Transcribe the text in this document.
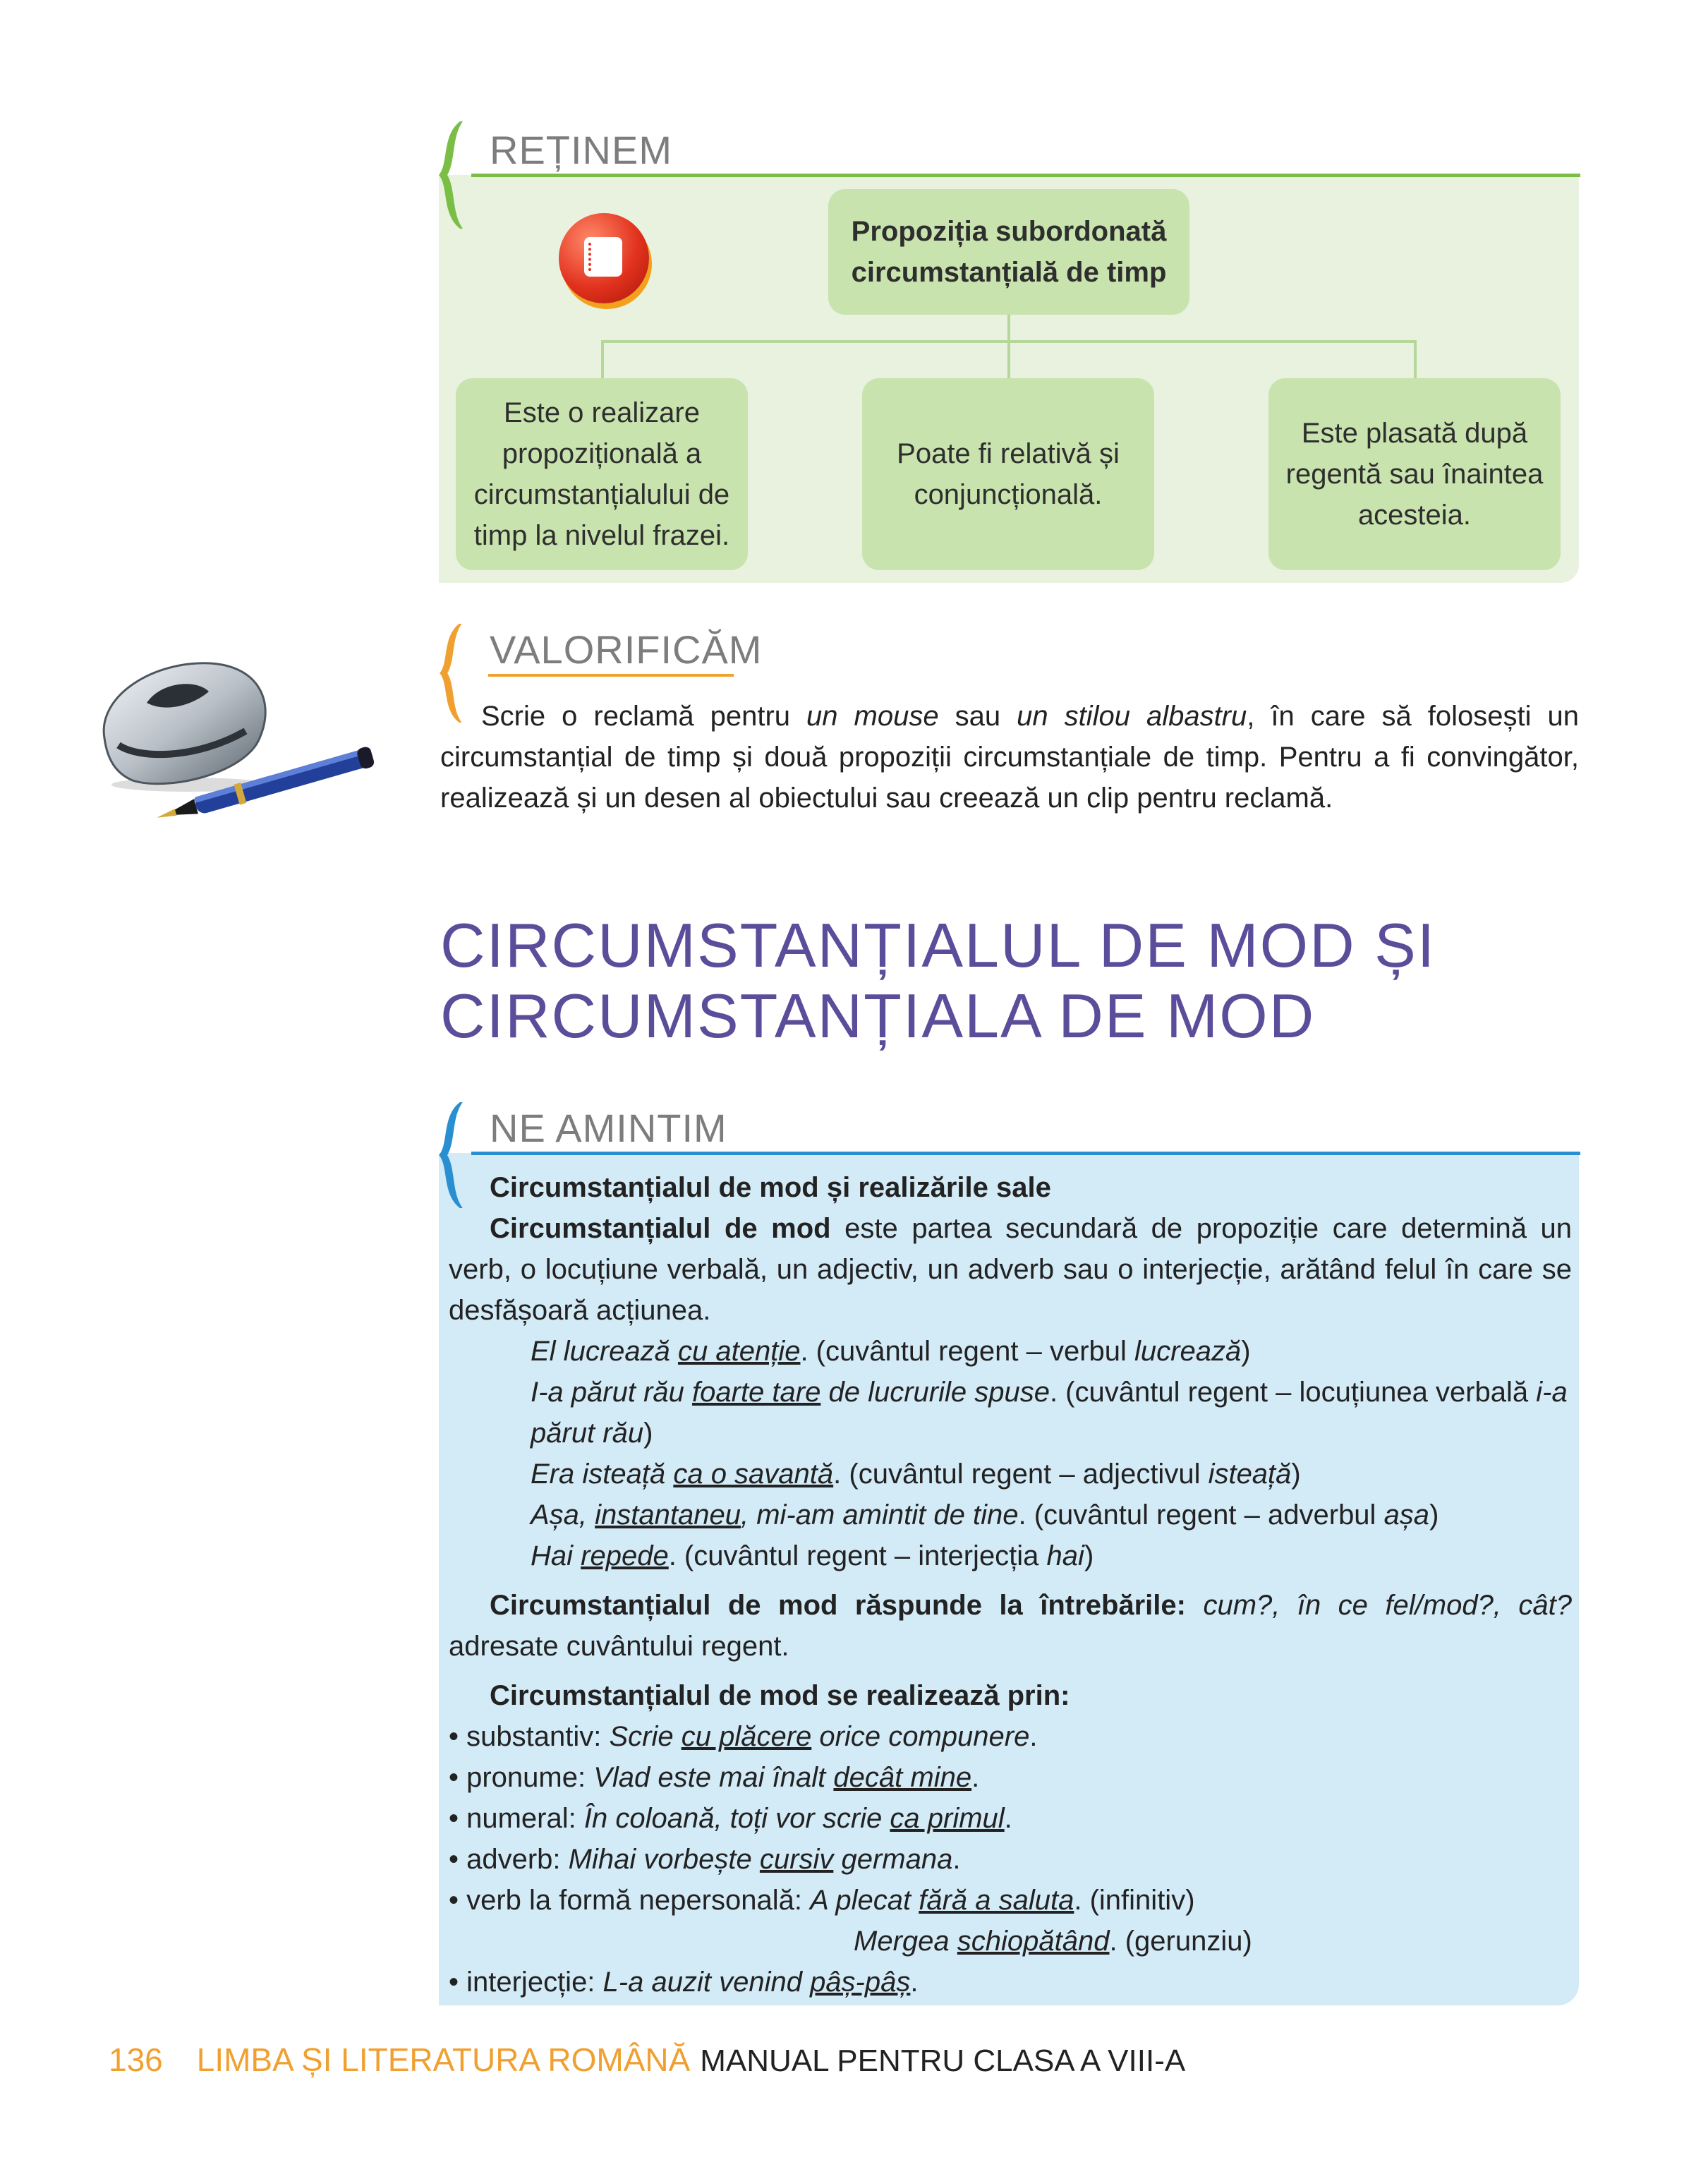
REȚINEM
Propoziția subordonată
circumstanțială de timp
Este o realizare
propozițională a
circumstanțialului de
timp la nivelul frazei.
Poate fi relativă și
conjuncțională.
Este plasată după
regentă sau înaintea
acesteia.
VALORIFICĂM
Scrie o reclamă pentru un mouse sau un stilou albastru, în care să folosești un circumstanțial de timp și două propoziții circumstanțiale de timp. Pentru a fi convingător, realizează și un desen al obiectului sau creează un clip pentru reclamă.
CIRCUMSTANȚIALUL DE MOD ȘI
CIRCUMSTANȚIALA DE MOD
NE AMINTIM

Circumstanțialul de mod și realizările sale

Circumstanțialul de mod este partea secundară de propoziție care determină un verb, o locuțiune verbală, un adjectiv, un adverb sau o interjecție, arătând felul în care se desfășoară acțiunea.

El lucrează cu atenție. (cuvântul regent – verbul lucrează)

I-a părut rău foarte tare de lucrurile spuse. (cuvântul regent – locuțiunea verbală i-a
părut rău)

Era isteață ca o savantă. (cuvântul regent – adjectivul isteață)

Așa, instantaneu, mi-am amintit de tine. (cuvântul regent – adverbul așa)

Hai repede. (cuvântul regent – interjecția hai)

Circumstanțialul de mod răspunde la întrebările: cum?, în ce fel/mod?, cât? adresate cuvântului regent.

Circumstanțialul de mod se realizează prin:

• substantiv: Scrie cu plăcere orice compunere.

• pronume: Vlad este mai înalt decât mine.

• numeral: În coloană, toți vor scrie ca primul.

• adverb: Mihai vorbește cursiv germana.

• verb la formă nepersonală: A plecat fără a saluta. (infinitiv)

Mergea schiopătând. (gerunziu)

• interjecție: L-a auzit venind pâș-pâș.

136 LIMBA ȘI LITERATURA ROMÂNĂ MANUAL PENTRU CLASA A VIII-A
